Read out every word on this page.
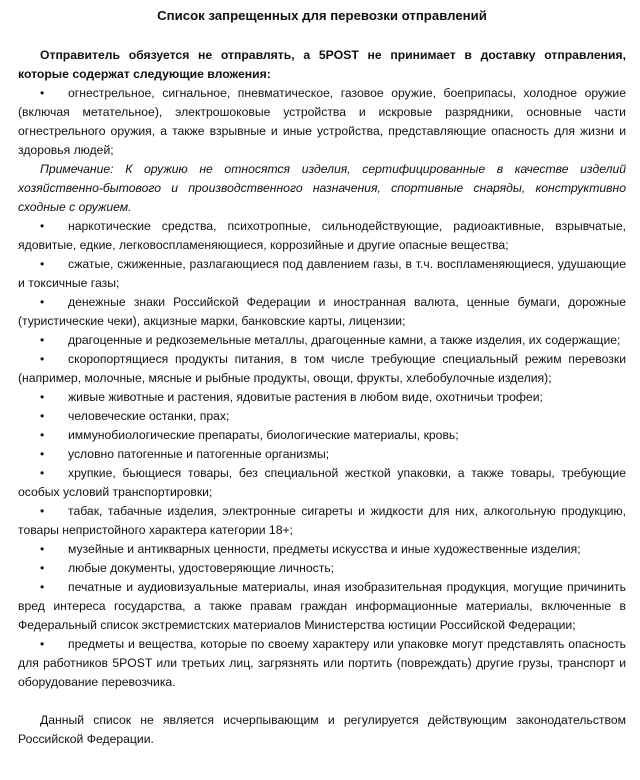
Список запрещенных для перевозки отправлений

Отправитель обязуется не отправлять, а 5POST не принимает в доставку отправления, которые содержат следующие вложения:

• огнестрельное, сигнальное, пневматическое, газовое оружие, боеприпасы, холодное оружие (включая метательное), электрошоковые устройства и искровые разрядники, основные части огнестрельного оружия, а также взрывные и иные устройства, представляющие опасность для жизни и здоровья людей;

Примечание: К оружию не относятся изделия, сертифицированные в качестве изделий хозяйственно-бытового и производственного назначения, спортивные снаряды, конструктивно сходные с оружием.

• наркотические средства, психотропные, сильнодействующие, радиоактивные, взрывчатые, ядовитые, едкие, легковоспламеняющиеся, коррозийные и другие опасные вещества;
• сжатые, сжиженные, разлагающиеся под давлением газы, в т.ч. воспламеняющиеся, удушающие и токсичные газы;
• денежные знаки Российской Федерации и иностранная валюта, ценные бумаги, дорожные (туристические чеки), акцизные марки, банковские карты, лицензии;
• драгоценные и редкоземельные металлы, драгоценные камни, а также изделия, их содержащие;
• скоропортящиеся продукты питания, в том числе требующие специальный режим перевозки (например, молочные, мясные и рыбные продукты, овощи, фрукты, хлебобулочные изделия);
• живые животные и растения, ядовитые растения в любом виде, охотничьи трофеи;
• человеческие останки, прах;
• иммунобиологические препараты, биологические материалы, кровь;
• условно патогенные и патогенные организмы;
• хрупкие, бьющиеся товары, без специальной жесткой упаковки, а также товары, требующие особых условий транспортировки;
• табак, табачные изделия, электронные сигареты и жидкости для них, алкогольную продукцию, товары непристойного характера категории 18+;
• музейные и антикварных ценности, предметы искусства и иные художественные изделия;
• любые документы, удостоверяющие личность;
• печатные и аудиовизуальные материалы, иная изобразительная продукция, могущие причинить вред интереса государства, а также правам граждан информационные материалы, включенные в Федеральный список экстремистских материалов Министерства юстиции Российской Федерации;
• предметы и вещества, которые по своему характеру или упаковке могут представлять опасность для работников 5POST или третьих лиц, загрязнять или портить (повреждать) другие грузы, транспорт и оборудование перевозчика.

Данный список не является исчерпывающим и регулируется действующим законодательством Российской Федерации.
